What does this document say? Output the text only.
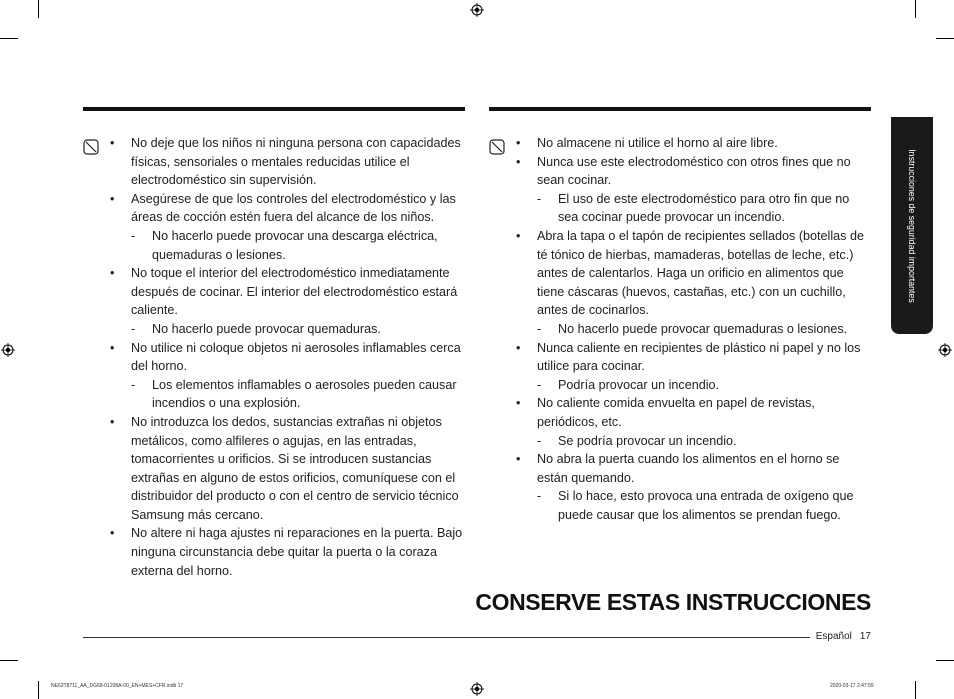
• No deje que los niños ni ninguna persona con capacidades físicas, sensoriales o mentales reducidas utilice el electrodoméstico sin supervisión.
• Asegúrese de que los controles del electrodoméstico y las áreas de cocción estén fuera del alcance de los niños.
- No hacerlo puede provocar una descarga eléctrica, quemaduras o lesiones.
• No toque el interior del electrodoméstico inmediatamente después de cocinar. El interior del electrodoméstico estará caliente.
- No hacerlo puede provocar quemaduras.
• No utilice ni coloque objetos ni aerosoles inflamables cerca del horno.
- Los elementos inflamables o aerosoles pueden causar incendios o una explosión.
• No introduzca los dedos, sustancias extrañas ni objetos metálicos, como alfileres o agujas, en las entradas, tomacorrientes u orificios. Si se introducen sustancias extrañas en alguno de estos orificios, comuníquese con el distribuidor del producto o con el centro de servicio técnico Samsung más cercano.
• No altere ni haga ajustes ni reparaciones en la puerta. Bajo ninguna circunstancia debe quitar la puerta o la coraza externa del horno.
• No almacene ni utilice el horno al aire libre.
• Nunca use este electrodoméstico con otros fines que no sean cocinar.
- El uso de este electrodoméstico para otro fin que no sea cocinar puede provocar un incendio.
• Abra la tapa o el tapón de recipientes sellados (botellas de té tónico de hierbas, mamaderas, botellas de leche, etc.) antes de calentarlos. Haga un orificio en alimentos que tiene cáscaras (huevos, castañas, etc.) con un cuchillo, antes de cocinarlos.
- No hacerlo puede provocar quemaduras o lesiones.
• Nunca caliente en recipientes de plástico ni papel y no los utilice para cocinar.
- Podría provocar un incendio.
• No caliente comida envuelta en papel de revistas, periódicos, etc.
- Se podría provocar un incendio.
• No abra la puerta cuando los alimentos en el horno se están quemando.
- Si lo hace, esto provoca una entrada de oxígeno que puede causar que los alimentos se prendan fuego.
Instrucciones de seguridad importantes
CONSERVE ESTAS INSTRUCCIONES
Español 17
NE63T8711_AA_DG68-01208A-00_EN+MES+CFR.indb 17	2020-03-17 2:47:59
